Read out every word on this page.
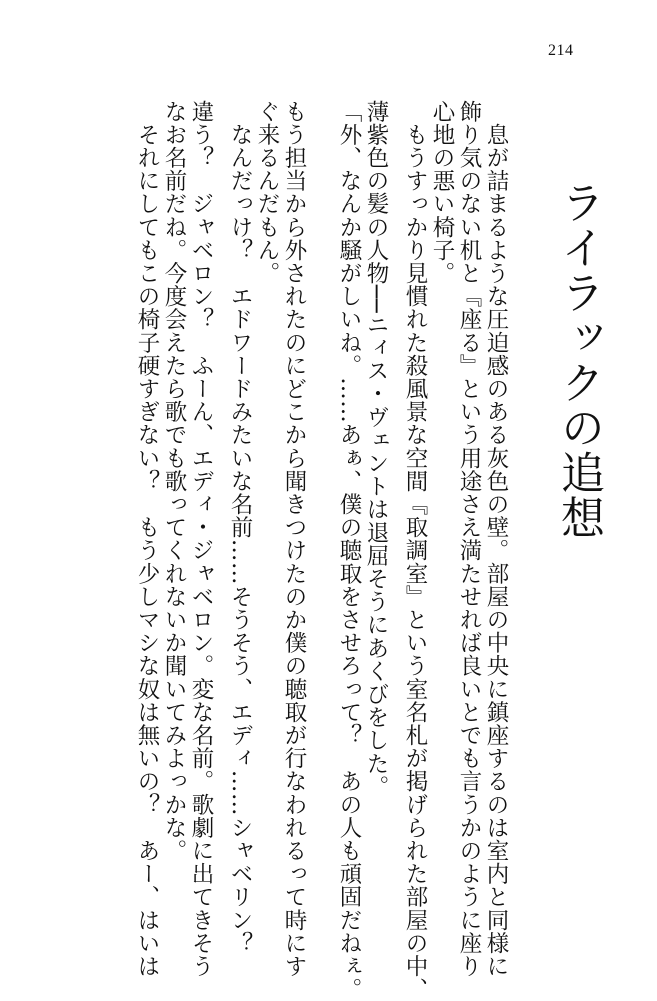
214
ライラックの追想
　息が詰まるような圧迫感のある灰色の壁。部屋の中央に鎮座するのは室内と同様に
飾り気のない机と『座る』という用途さえ満たせれば良いとでも言うかのように座り
心地の悪い椅子。
　もうすっかり見慣れた殺風景な空間『取調室』という室名札が掲げられた部屋の中、
薄紫色の髪の人物──ニィス・ヴェントは退屈そうにあくびをした。
「外、なんか騒がしいね。……あぁ、僕の聴取をさせろって？　あの人も頑固だねぇ。
もう担当から外されたのにどこから聞きつけたのか僕の聴取が行なわれるって時にす
ぐ来るんだもん。
　なんだっけ？　エドワードみたいな名前……そうそう、エディ……シャベリン？
違う？　ジャベロン？　ふーん、エディ・ジャベロン。変な名前。歌劇に出てきそう
なお名前だね。今度会えたら歌でも歌ってくれないか聞いてみよっかな。
　それにしてもこの椅子硬すぎない？　もう少しマシな奴は無いの？　あー、はいは
